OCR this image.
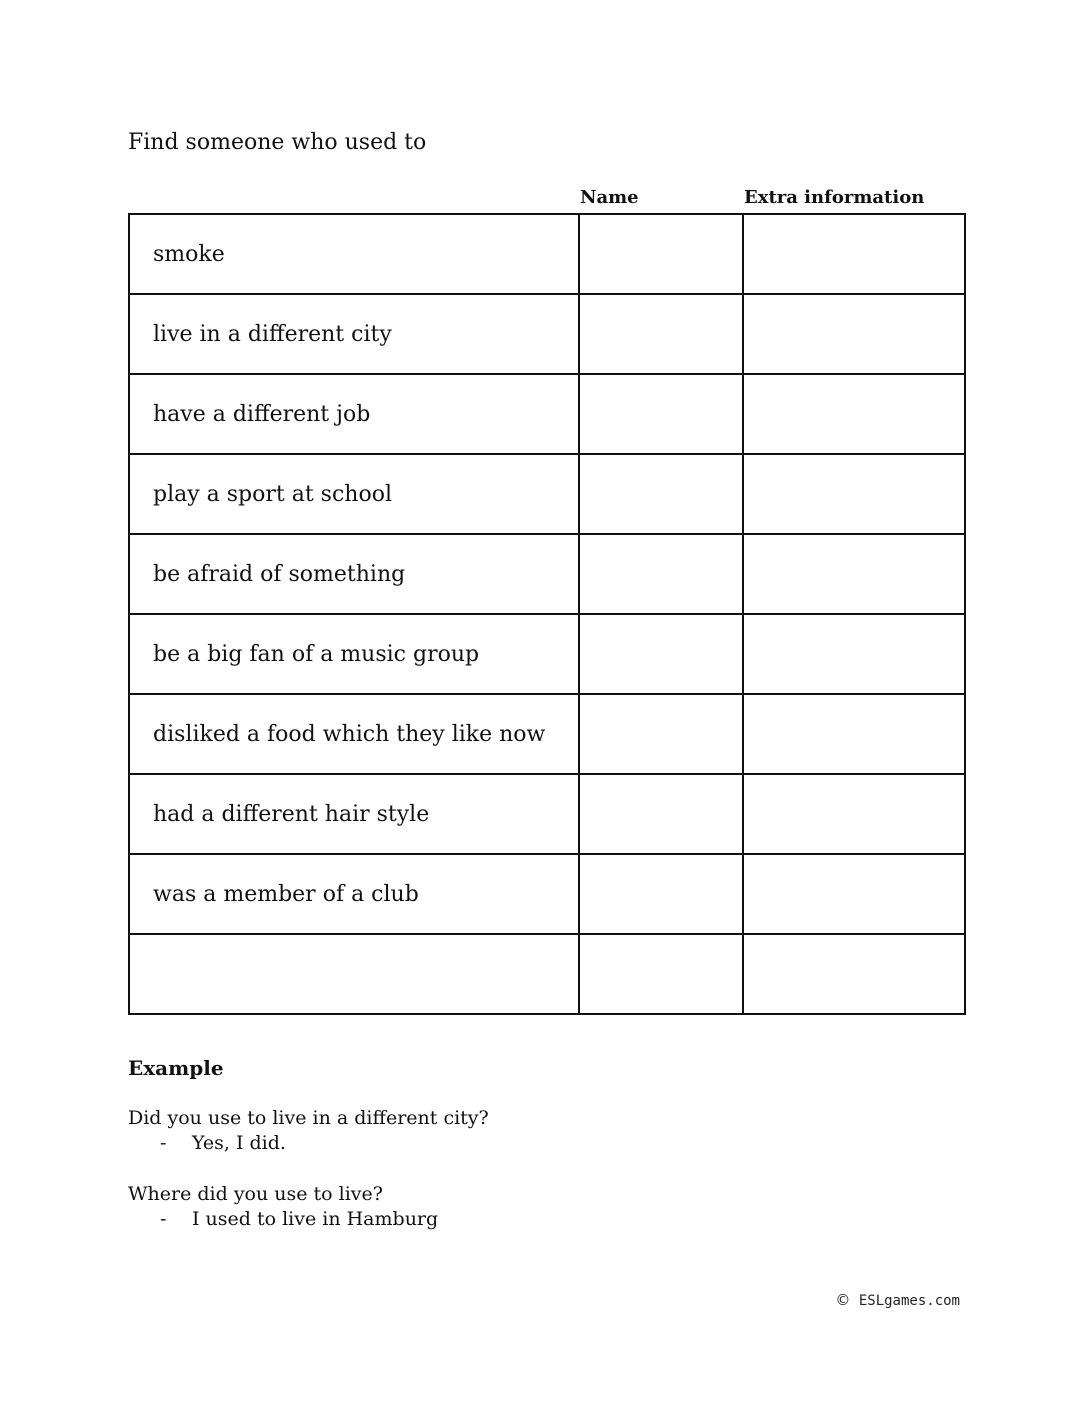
Find someone who used to
Name	Extra information
smoke		
live in a different city		
have a different job		
play a sport at school		
be afraid of something		
be a big fan of a music group		
disliked a food which they like now		
had a different hair style		
was a member of a club		

Example
Did you use to live in a different city?
- Yes, I did.
Where did you use to live?
- I used to live in Hamburg
© ESLgames.com
